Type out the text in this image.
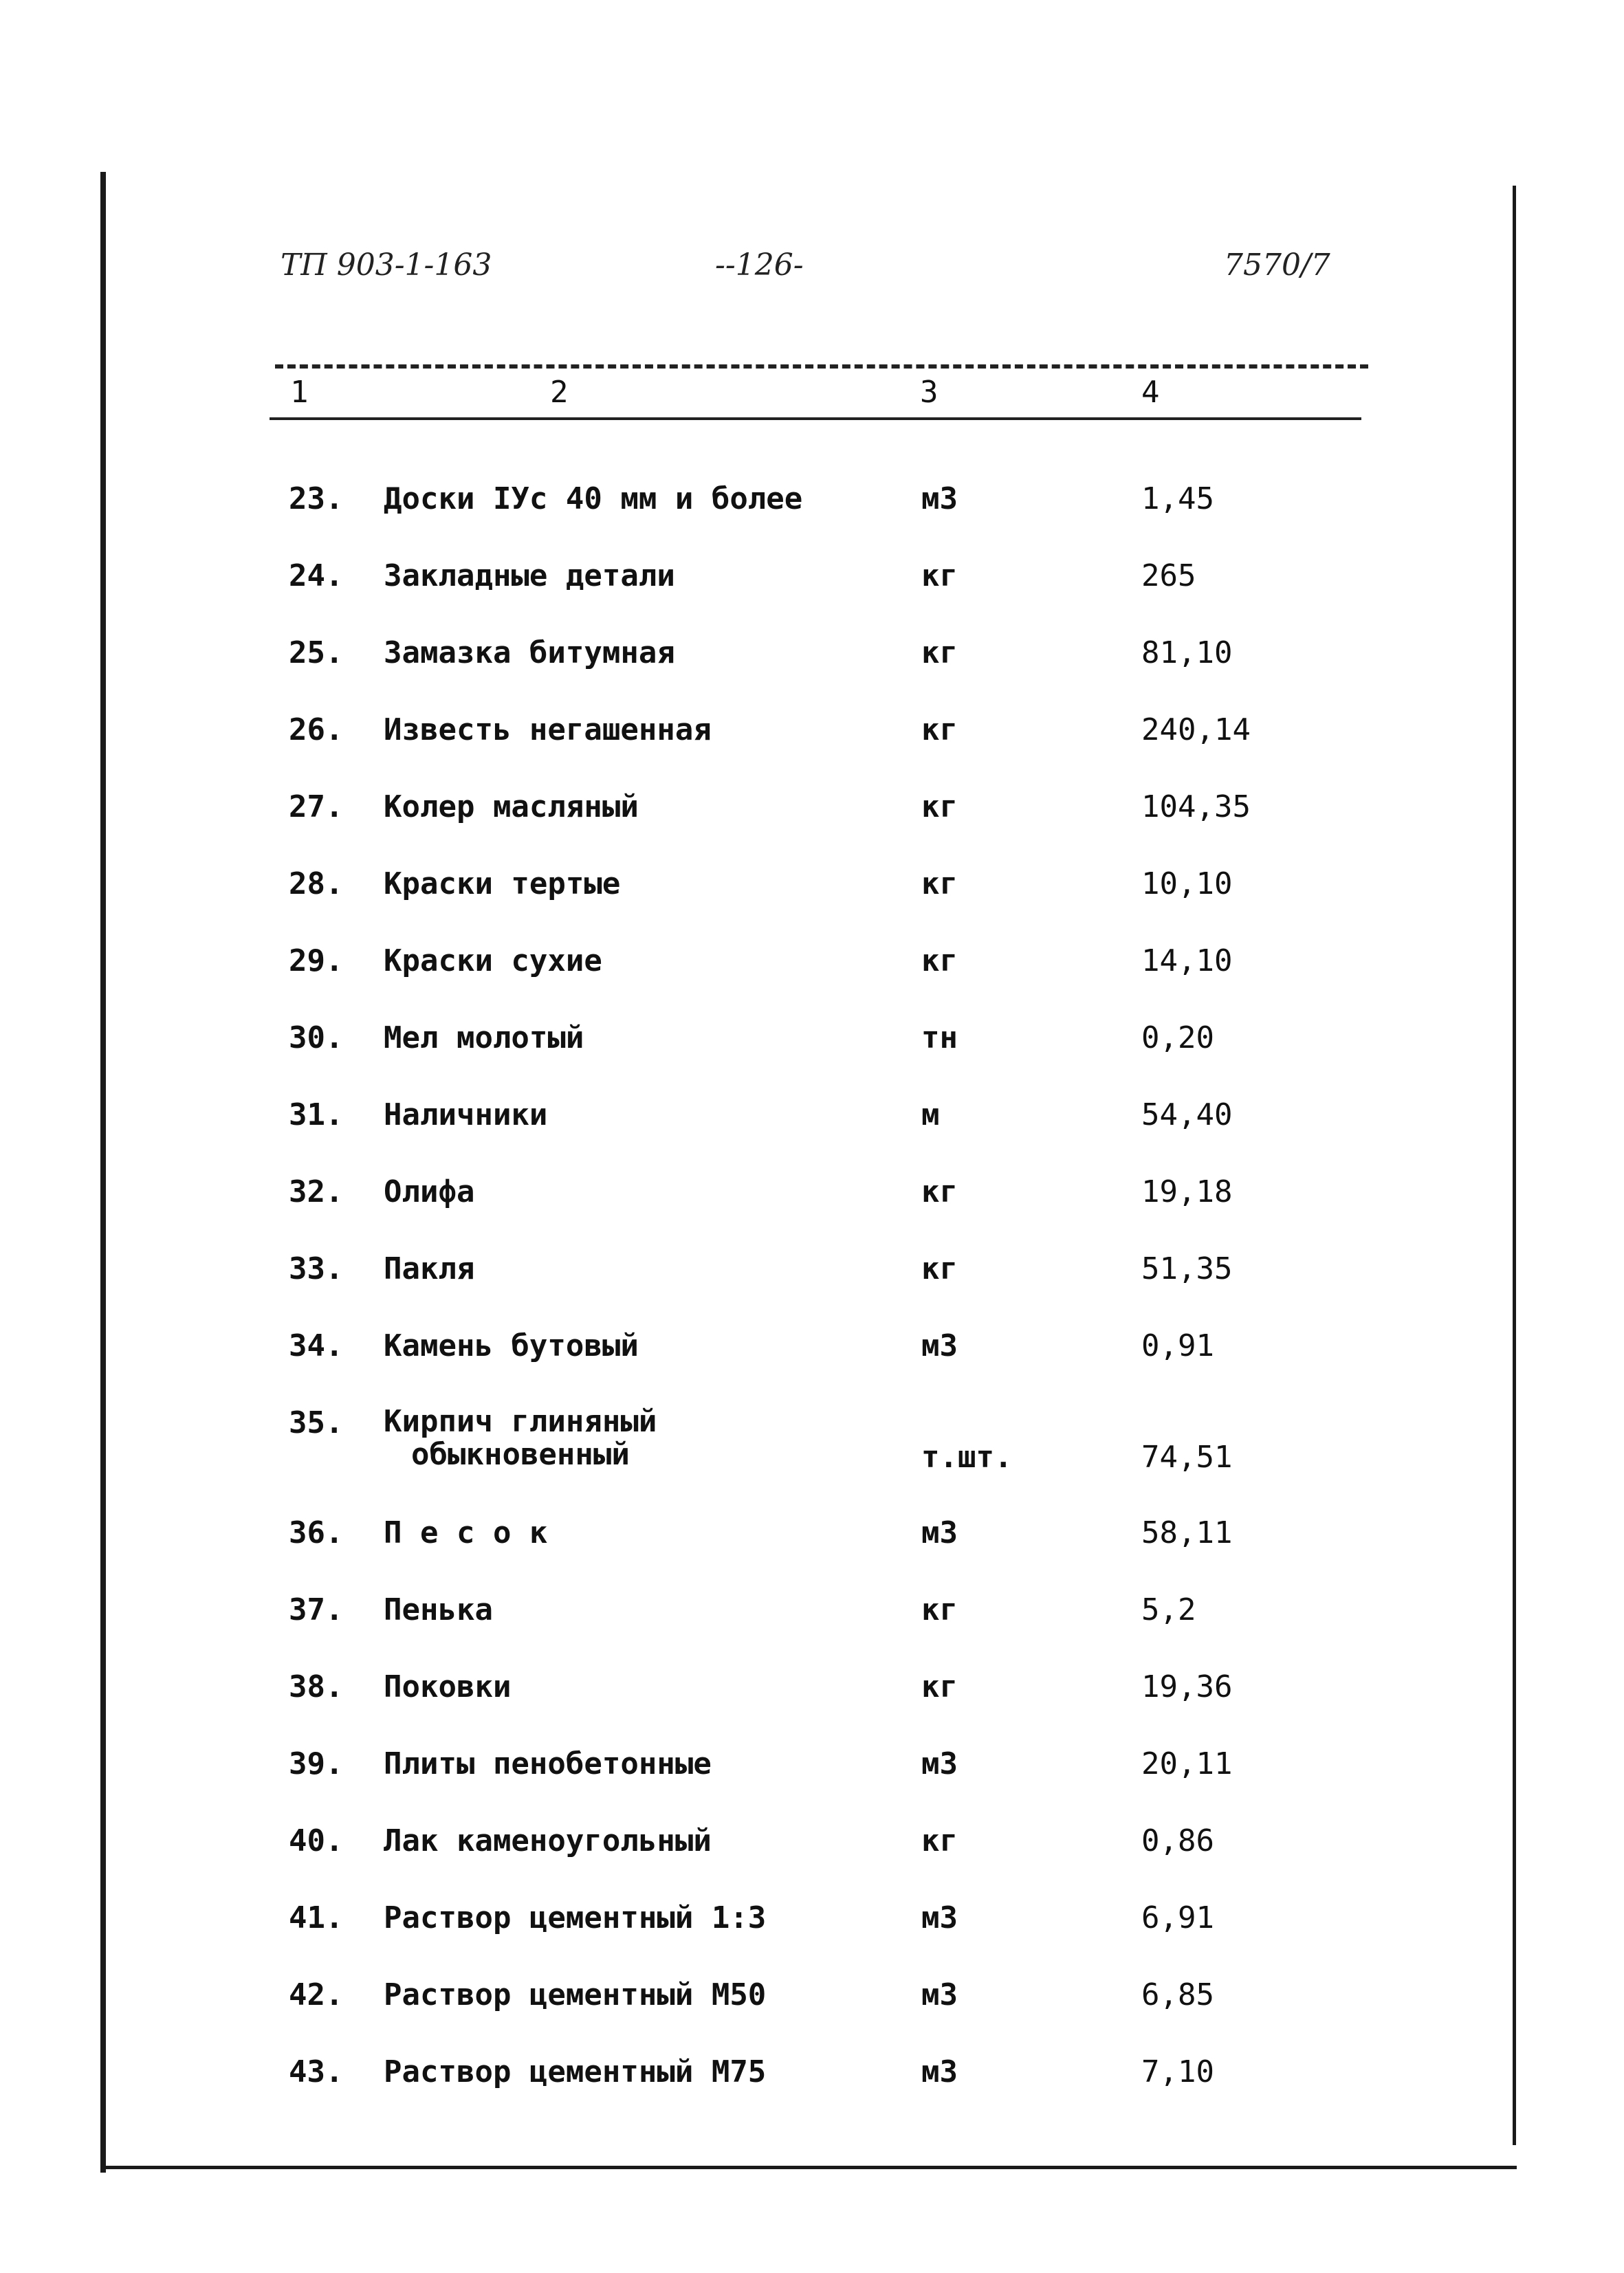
ТП 903-1-163	--126-	7570/7
1	2	3	4
23. Доски IУс 40 мм и более	м3	1,45
24. Закладные детали	кг	265
25. Замазка битумная	кг	81,10
26. Известь негашенная	кг	240,14
27. Колер масляный	кг	104,35
28. Краски тертые	кг	10,10
29. Краски сухие	кг	14,10
30. Мел молотый	тн	0,20
31. Наличники	м	54,40
32. Олифа	кг	19,18
33. Пакля	кг	51,35
34. Камень бутовый	м3	0,91
35. Кирпич глиняный
обыкновенный	т.шт.	74,51
36. П е с о к	м3	58,11
37. Пенька	кг	5,2
38. Поковки	кг	19,36
39. Плиты пенобетонные	м3	20,11
40. Лак каменоугольный	кг	0,86
41. Раствор цементный 1:3	м3	6,91
42. Раствор цементный М50	м3	6,85
43. Раствор цементный М75	м3	7,10
